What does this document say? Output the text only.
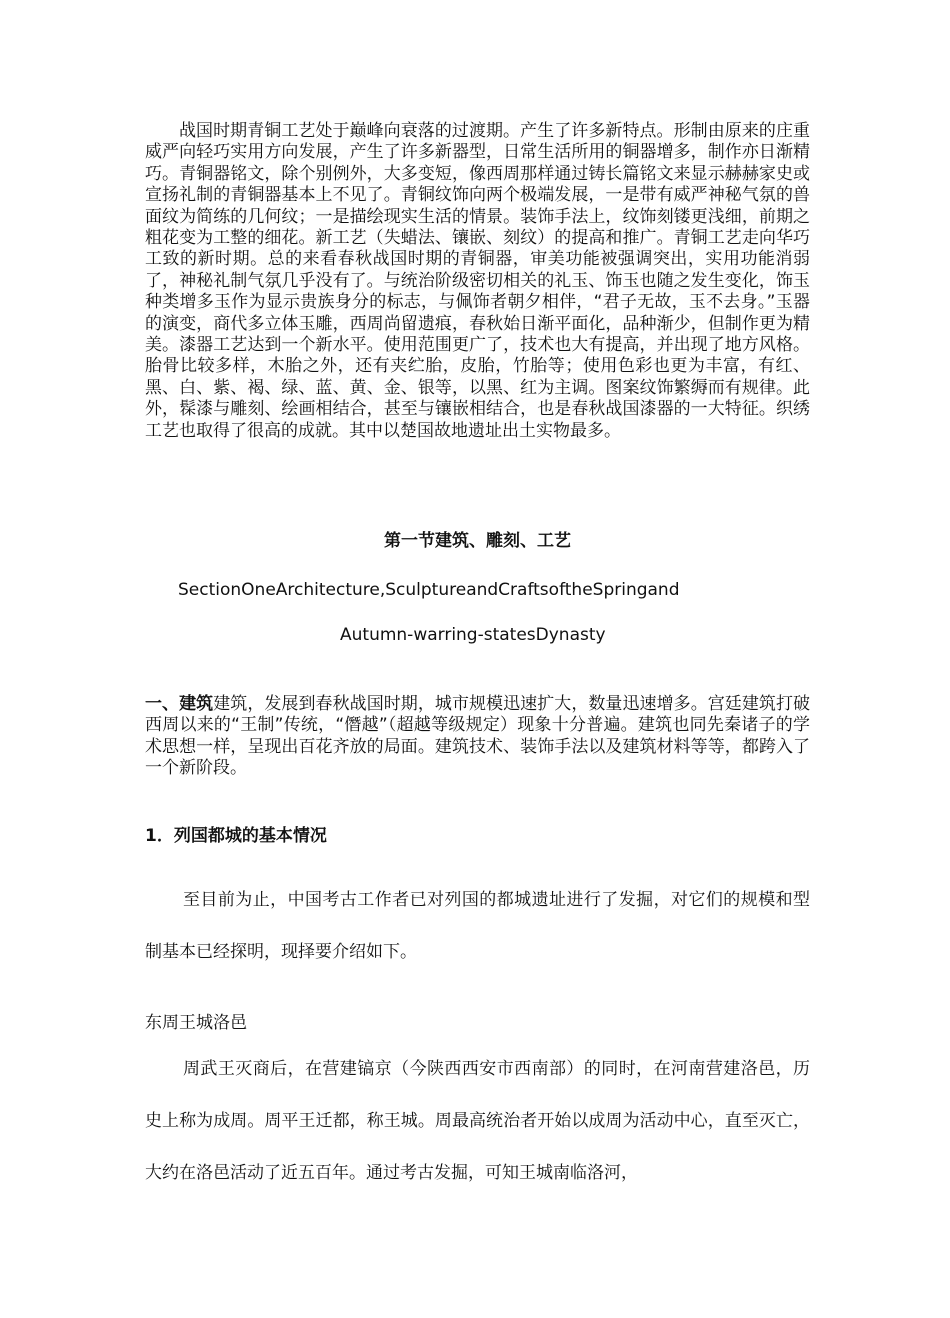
战国时期青铜工艺处于巅峰向衰落的过渡期。产生了许多新特点。形制由原来的庄重威严向轻巧实用方向发展，产生了许多新器型，日常生活所用的铜器增多，制作亦日渐精巧。青铜器铭文，除个别例外，大多变短，像西周那样通过铸长篇铭文来显示赫赫家史或宣扬礼制的青铜器基本上不见了。青铜纹饰向两个极端发展，一是带有威严神秘气氛的兽面纹为简练的几何纹；一是描绘现实生活的情景。装饰手法上，纹饰刻镂更浅细，前期之粗花变为工整的细花。新工艺（失蜡法、镶嵌、刻纹）的提高和推广。青铜工艺走向华巧工致的新时期。总的来看春秋战国时期的青铜器，审美功能被强调突出，实用功能消弱了，神秘礼制气氛几乎没有了。与统治阶级密切相关的礼玉、饰玉也随之发生变化，饰玉种类增多玉作为显示贵族身分的标志，与佩饰者朝夕相伴，“君子无故，玉不去身。”玉器的演变，商代多立体玉雕，西周尚留遗痕，春秋始日渐平面化，品种渐少，但制作更为精美。漆器工艺达到一个新水平。使用范围更广了，技术也大有提高，并出现了地方风格。胎骨比较多样，木胎之外，还有夹纻胎，皮胎，竹胎等；使用色彩也更为丰富，有红、黑、白、紫、褐、绿、蓝、黄、金、银等，以黑、红为主调。图案纹饰繁缛而有规律。此外，髹漆与雕刻、绘画相结合，甚至与镶嵌相结合，也是春秋战国漆器的一大特征。织绣工艺也取得了很高的成就。其中以楚国故地遗址出土实物最多。

第一节建筑、雕刻、工艺

SectionOneArchitecture,SculptureandCraftsoftheSpringand

Autumn-warring-statesDynasty

一、建筑建筑，发展到春秋战国时期，城市规模迅速扩大，数量迅速增多。宫廷建筑打破西周以来的“王制”传统，“僭越”（超越等级规定）现象十分普遍。建筑也同先秦诸子的学术思想一样，呈现出百花齐放的局面。建筑技术、装饰手法以及建筑材料等等，都跨入了一个新阶段。

1．列国都城的基本情况

至目前为止，中国考古工作者已对列国的都城遗址进行了发掘，对它们的规模和型制基本已经探明，现择要介绍如下。

东周王城洛邑

周武王灭商后，在营建镐京（今陕西西安市西南部）的同时，在河南营建洛邑，历史上称为成周。周平王迁都，称王城。周最高统治者开始以成周为活动中心，直至灭亡，大约在洛邑活动了近五百年。通过考古发掘，可知王城南临洛河，
